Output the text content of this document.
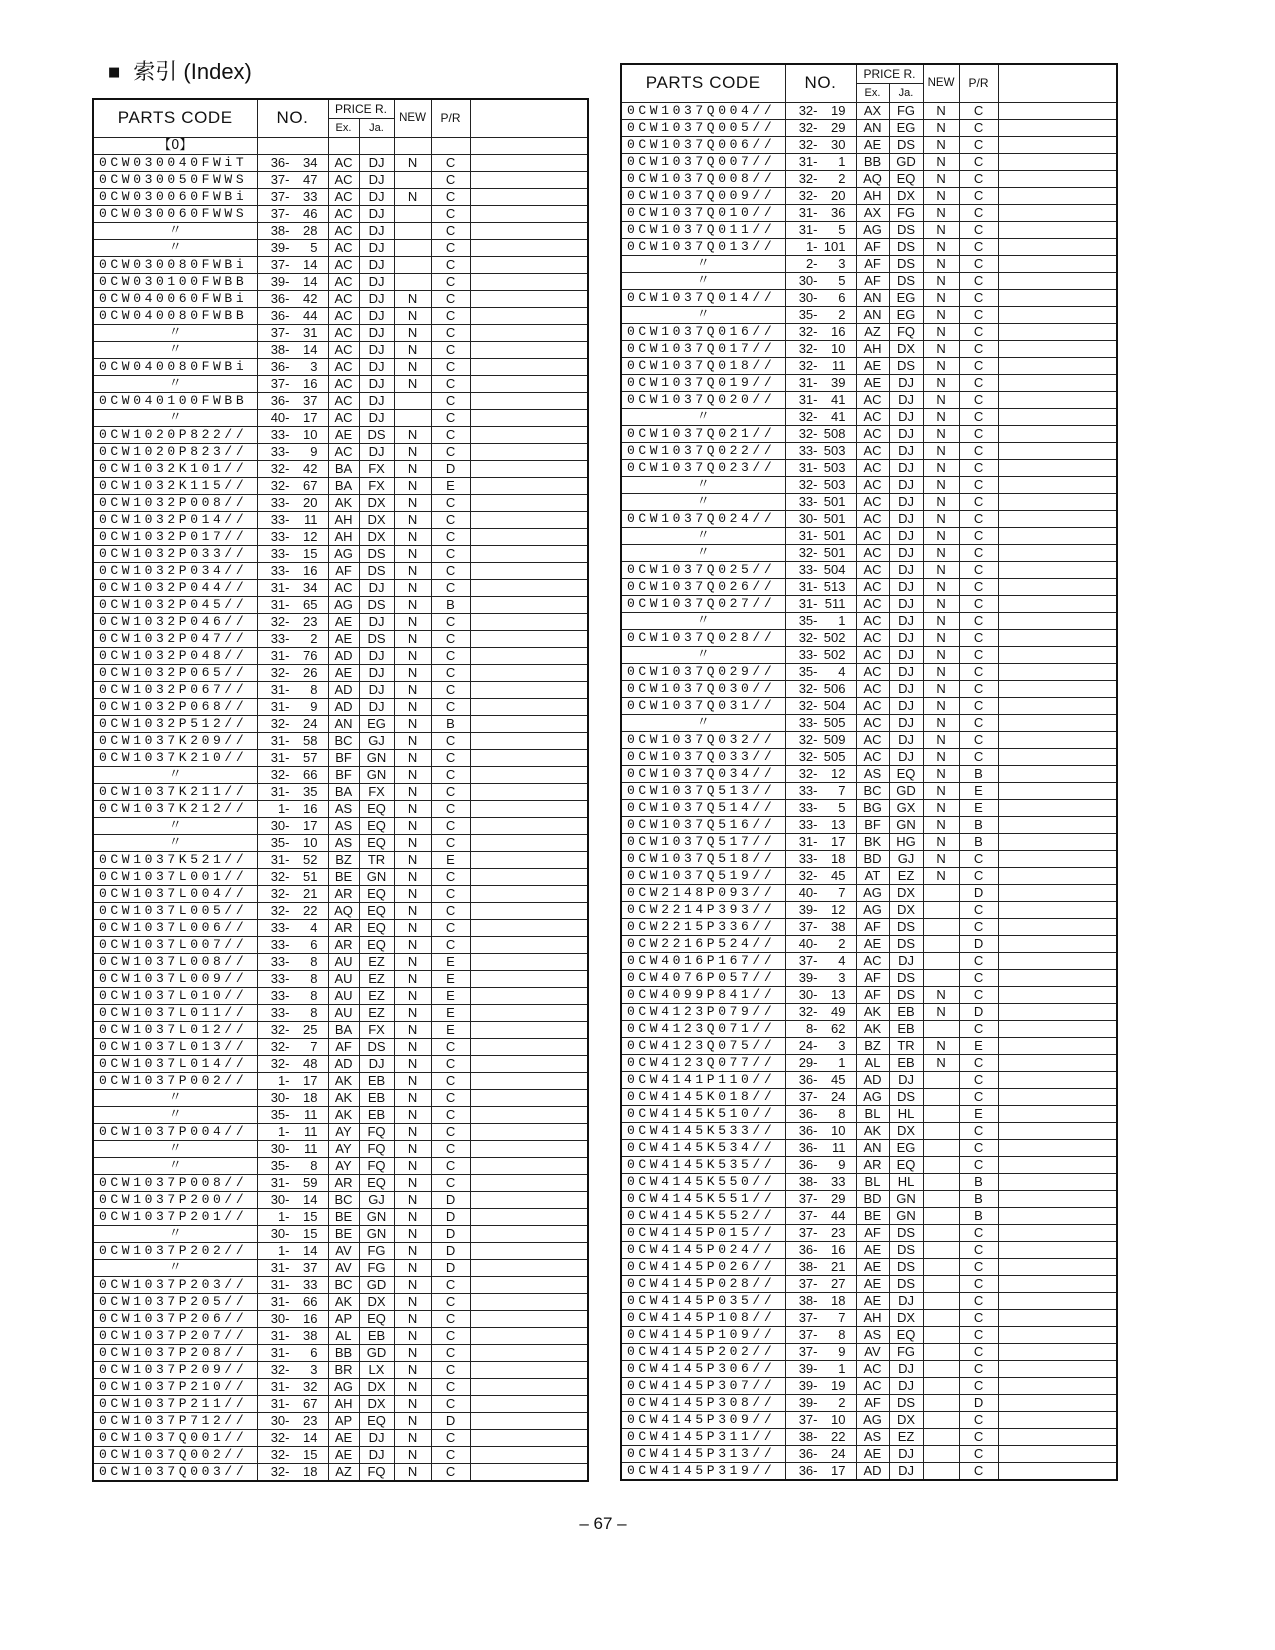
■ 索引 (Index)
PARTS CODE	NO.	PRICE R.		NEW	P/R	
		Ex.	Ja.			
【0】						
0CW030040FWiT	36- 34	AC	DJ	N	C	
0CW030050FWWS	37- 47	AC	DJ		C	
0CW030060FWBi	37- 33	AC	DJ	N	C	
0CW030060FWWS	37- 46	AC	DJ		C	
〃	38- 28	AC	DJ		C	
〃	39- 5	AC	DJ		C	
0CW030080FWBi	37- 14	AC	DJ		C	
0CW030100FWBB	39- 14	AC	DJ		C	
0CW040060FWBi	36- 42	AC	DJ	N	C	
0CW040080FWBB	36- 44	AC	DJ	N	C	
〃	37- 31	AC	DJ	N	C	
〃	38- 14	AC	DJ	N	C	
0CW040080FWBi	36- 3	AC	DJ	N	C	
〃	37- 16	AC	DJ	N	C	
0CW040100FWBB	36- 37	AC	DJ		C	
〃	40- 17	AC	DJ		C	
0CW1020P822//	33- 10	AE	DS	N	C	
0CW1020P823//	33- 9	AC	DJ	N	C	
0CW1032K101//	32- 42	BA	FX	N	D	
0CW1032K115//	32- 67	BA	FX	N	E	
0CW1032P008//	33- 20	AK	DX	N	C	
0CW1032P014//	33- 11	AH	DX	N	C	
0CW1032P017//	33- 12	AH	DX	N	C	
0CW1032P033//	33- 15	AG	DS	N	C	
0CW1032P034//	33- 16	AF	DS	N	C	
0CW1032P044//	31- 34	AC	DJ	N	C	
0CW1032P045//	31- 65	AG	DS	N	B	
0CW1032P046//	32- 23	AE	DJ	N	C	
0CW1032P047//	33- 2	AE	DS	N	C	
0CW1032P048//	31- 76	AD	DJ	N	C	
0CW1032P065//	32- 26	AE	DJ	N	C	
0CW1032P067//	31- 8	AD	DJ	N	C	
0CW1032P068//	31- 9	AD	DJ	N	C	
0CW1032P512//	32- 24	AN	EG	N	B	
0CW1037K209//	31- 58	BC	GJ	N	C	
0CW1037K210//	31- 57	BF	GN	N	C	
〃	32- 66	BF	GN	N	C	
0CW1037K211//	31- 35	BA	FX	N	C	
0CW1037K212//	1- 16	AS	EQ	N	C	
〃	30- 17	AS	EQ	N	C	
〃	35- 10	AS	EQ	N	C	
0CW1037K521//	31- 52	BZ	TR	N	E	
0CW1037L001//	32- 51	BE	GN	N	C	
0CW1037L004//	32- 21	AR	EQ	N	C	
0CW1037L005//	32- 22	AQ	EQ	N	C	
0CW1037L006//	33- 4	AR	EQ	N	C	
0CW1037L007//	33- 6	AR	EQ	N	C	
0CW1037L008//	33- 8	AU	EZ	N	E	
0CW1037L009//	33- 8	AU	EZ	N	E	
0CW1037L010//	33- 8	AU	EZ	N	E	
0CW1037L011//	33- 8	AU	EZ	N	E	
0CW1037L012//	32- 25	BA	FX	N	E	
0CW1037L013//	32- 7	AF	DS	N	C	
0CW1037L014//	32- 48	AD	DJ	N	C	
0CW1037P002//	1- 17	AK	EB	N	C	
〃	30- 18	AK	EB	N	C	
〃	35- 11	AK	EB	N	C	
0CW1037P004//	1- 11	AY	FQ	N	C	
〃	30- 11	AY	FQ	N	C	
〃	35- 8	AY	FQ	N	C	
0CW1037P008//	31- 59	AR	EQ	N	C	
0CW1037P200//	30- 14	BC	GJ	N	D	
0CW1037P201//	1- 15	BE	GN	N	D	
〃	30- 15	BE	GN	N	D	
0CW1037P202//	1- 14	AV	FG	N	D	
〃	31- 37	AV	FG	N	D	
0CW1037P203//	31- 33	BC	GD	N	C	
0CW1037P205//	31- 66	AK	DX	N	C	
0CW1037P206//	30- 16	AP	EQ	N	C	
0CW1037P207//	31- 38	AL	EB	N	C	
0CW1037P208//	31- 6	BB	GD	N	C	
0CW1037P209//	32- 3	BR	LX	N	C	
0CW1037P210//	31- 32	AG	DX	N	C	
0CW1037P211//	31- 67	AH	DX	N	C	
0CW1037P712//	30- 23	AP	EQ	N	D	
0CW1037Q001//	32- 14	AE	DJ	N	C	
0CW1037Q002//	32- 15	AE	DJ	N	C	
0CW1037Q003//	32- 18	AZ	FQ	N	C	
PARTS CODE	NO.	PRICE R.		NEW	P/R	
		Ex.	Ja.			
0CW1037Q004//	32- 19	AX	FG	N	C	
0CW1037Q005//	32- 29	AN	EG	N	C	
0CW1037Q006//	32- 30	AE	DS	N	C	
0CW1037Q007//	31- 1	BB	GD	N	C	
0CW1037Q008//	32- 2	AQ	EQ	N	C	
0CW1037Q009//	32- 20	AH	DX	N	C	
0CW1037Q010//	31- 36	AX	FG	N	C	
0CW1037Q011//	31- 5	AG	DS	N	C	
0CW1037Q013//	1- 101	AF	DS	N	C	
〃	2- 3	AF	DS	N	C	
〃	30- 5	AF	DS	N	C	
0CW1037Q014//	30- 6	AN	EG	N	C	
〃	35- 2	AN	EG	N	C	
0CW1037Q016//	32- 16	AZ	FQ	N	C	
0CW1037Q017//	32- 10	AH	DX	N	C	
0CW1037Q018//	32- 11	AE	DS	N	C	
0CW1037Q019//	31- 39	AE	DJ	N	C	
0CW1037Q020//	31- 41	AC	DJ	N	C	
〃	32- 41	AC	DJ	N	C	
0CW1037Q021//	32- 508	AC	DJ	N	C	
0CW1037Q022//	33- 503	AC	DJ	N	C	
0CW1037Q023//	31- 503	AC	DJ	N	C	
〃	32- 503	AC	DJ	N	C	
〃	33- 501	AC	DJ	N	C	
0CW1037Q024//	30- 501	AC	DJ	N	C	
〃	31- 501	AC	DJ	N	C	
〃	32- 501	AC	DJ	N	C	
0CW1037Q025//	33- 504	AC	DJ	N	C	
0CW1037Q026//	31- 513	AC	DJ	N	C	
0CW1037Q027//	31- 511	AC	DJ	N	C	
〃	35- 1	AC	DJ	N	C	
0CW1037Q028//	32- 502	AC	DJ	N	C	
〃	33- 502	AC	DJ	N	C	
0CW1037Q029//	35- 4	AC	DJ	N	C	
0CW1037Q030//	32- 506	AC	DJ	N	C	
0CW1037Q031//	32- 504	AC	DJ	N	C	
〃	33- 505	AC	DJ	N	C	
0CW1037Q032//	32- 509	AC	DJ	N	C	
0CW1037Q033//	32- 505	AC	DJ	N	C	
0CW1037Q034//	32- 12	AS	EQ	N	B	
0CW1037Q513//	33- 7	BC	GD	N	E	
0CW1037Q514//	33- 5	BG	GX	N	E	
0CW1037Q516//	33- 13	BF	GN	N	B	
0CW1037Q517//	31- 17	BK	HG	N	B	
0CW1037Q518//	33- 18	BD	GJ	N	C	
0CW1037Q519//	32- 45	AT	EZ	N	C	
0CW2148P093//	40- 7	AG	DX		D	
0CW2214P393//	39- 12	AG	DX		C	
0CW2215P336//	37- 38	AF	DS		C	
0CW2216P524//	40- 2	AE	DS		D	
0CW4016P167//	37- 4	AC	DJ		C	
0CW4076P057//	39- 3	AF	DS		C	
0CW4099P841//	30- 13	AF	DS	N	C	
0CW4123P079//	32- 49	AK	EB	N	D	
0CW4123Q071//	8- 62	AK	EB		C	
0CW4123Q075//	24- 3	BZ	TR	N	E	
0CW4123Q077//	29- 1	AL	EB	N	C	
0CW4141P110//	36- 45	AD	DJ		C	
0CW4145K018//	37- 24	AG	DS		C	
0CW4145K510//	36- 8	BL	HL		E	
0CW4145K533//	36- 10	AK	DX		C	
0CW4145K534//	36- 11	AN	EG		C	
0CW4145K535//	36- 9	AR	EQ		C	
0CW4145K550//	38- 33	BL	HL		B	
0CW4145K551//	37- 29	BD	GN		B	
0CW4145K552//	37- 44	BE	GN		B	
0CW4145P015//	37- 23	AF	DS		C	
0CW4145P024//	36- 16	AE	DS		C	
0CW4145P026//	38- 21	AE	DS		C	
0CW4145P028//	37- 27	AE	DS		C	
0CW4145P035//	38- 18	AE	DJ		C	
0CW4145P108//	37- 7	AH	DX		C	
0CW4145P109//	37- 8	AS	EQ		C	
0CW4145P202//	37- 9	AV	FG		C	
0CW4145P306//	39- 1	AC	DJ		C	
0CW4145P307//	39- 19	AC	DJ		C	
0CW4145P308//	39- 2	AF	DS		D	
0CW4145P309//	37- 10	AG	DX		C	
0CW4145P311//	38- 22	AS	EZ		C	
0CW4145P313//	36- 24	AE	DJ		C	
0CW4145P319//	36- 17	AD	DJ		C	
– 67 –
